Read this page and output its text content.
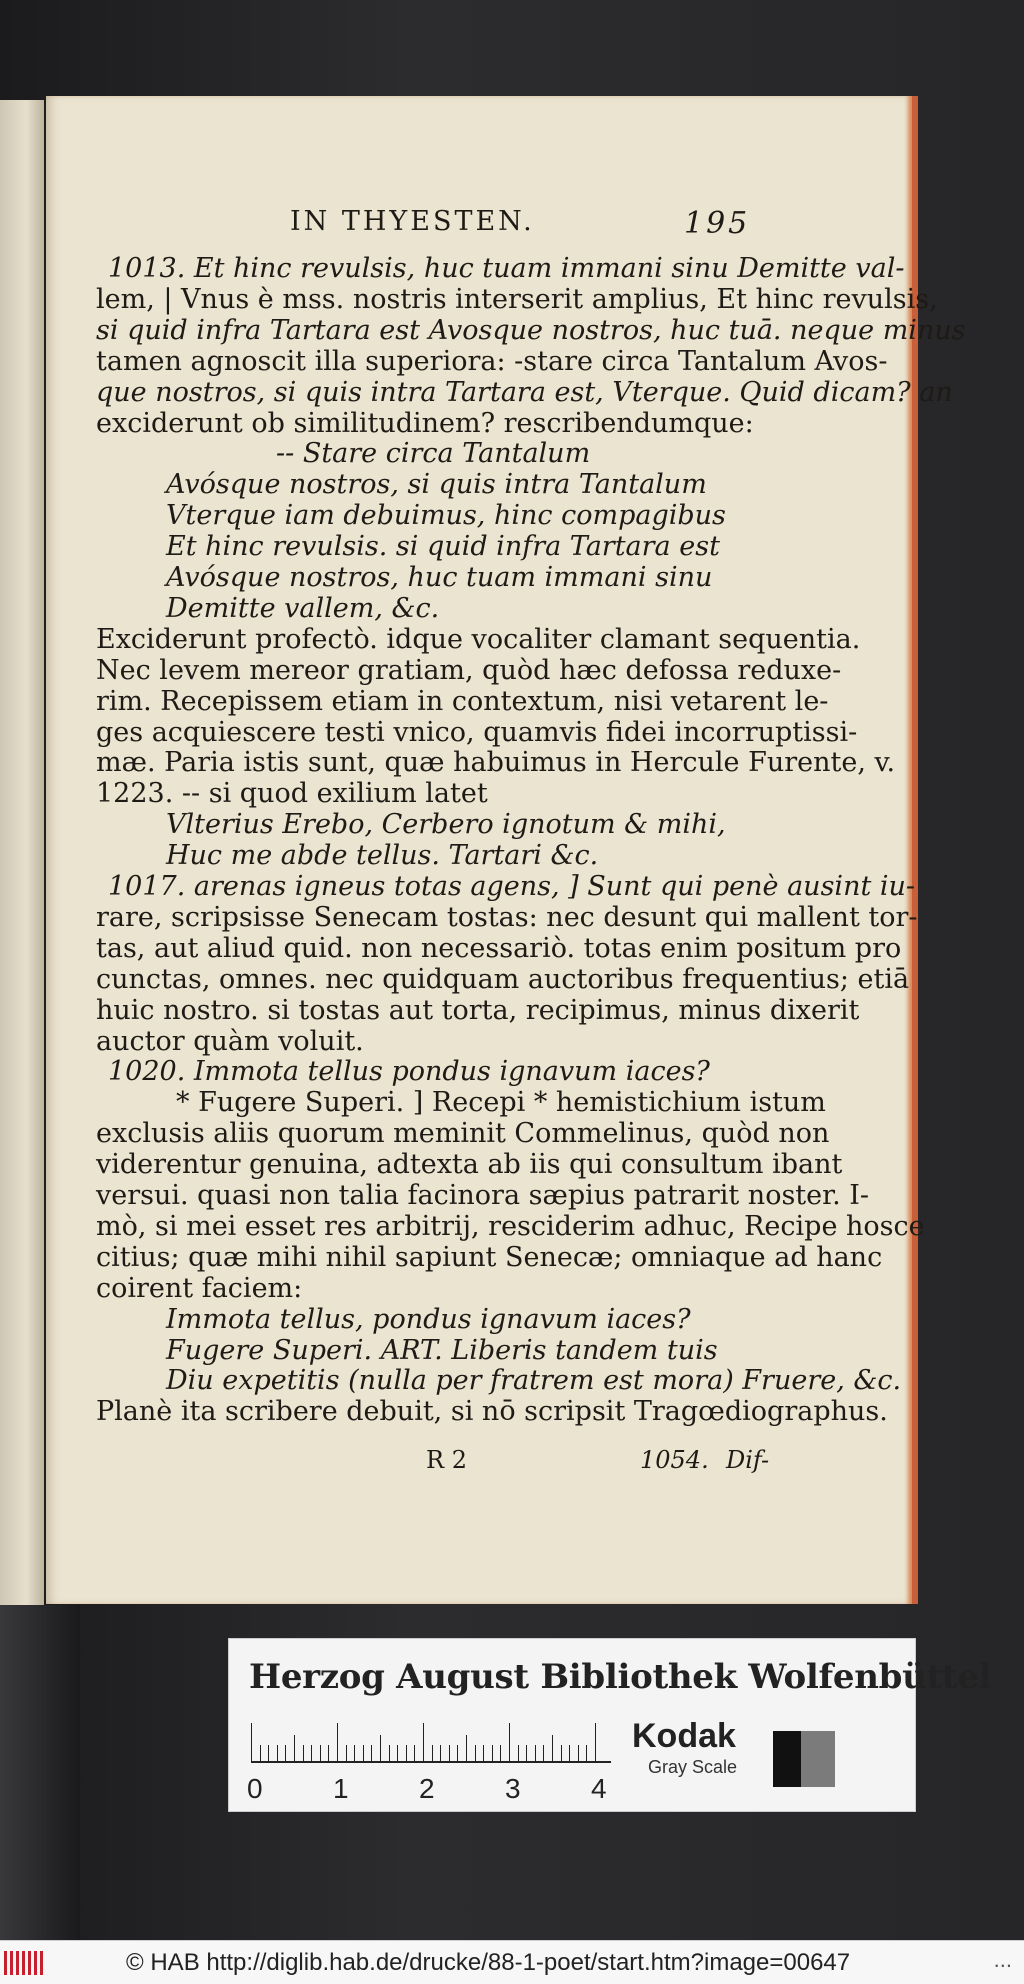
IN THYESTEN.	195
1013. Et hinc revulsis, huc tuam immani sinu Demitte val-
lem, | Vnus è mss. nostris interserit amplius, Et hinc revulsis,
si quid infra Tartara est Avosque nostros, huc tuā. neque minus
tamen agnoscit illa superiora: -stare circa Tantalum Avos-
que nostros, si quis intra Tartara est, Vterque. Quid dicam? an
exciderunt ob similitudinem? rescribendumque:
-- Stare circa Tantalum
Avósque nostros, si quis intra Tantalum
Vterque iam debuimus, hinc compagibus
Et hinc revulsis. si quid infra Tartara est
Avósque nostros, huc tuam immani sinu
Demitte vallem, &c.
Exciderunt profectò. idque vocaliter clamant sequentia.
Nec levem mereor gratiam, quòd hæc defossa reduxe-
rim. Recepissem etiam in contextum, nisi vetarent le-
ges acquiescere testi vnico, quamvis fidei incorruptissi-
mæ. Paria istis sunt, quæ habuimus in Hercule Furente, v.
1223. -- si quod exilium latet
Vlterius Erebo, Cerbero ignotum & mihi,
Huc me abde tellus. Tartari &c.
1017. arenas igneus totas agens, ] Sunt qui penè ausint iu-
rare, scripsisse Senecam tostas: nec desunt qui mallent tor-
tas, aut aliud quid. non necessariò. totas enim positum pro
cunctas, omnes. nec quidquam auctoribus frequentius; etiā
huic nostro. si tostas aut torta, recipimus, minus dixerit
auctor quàm voluit.
1020. Immota tellus pondus ignavum iaces?
* Fugere Superi. ] Recepi * hemistichium istum
exclusis aliis quorum meminit Commelinus, quòd non
viderentur genuina, adtexta ab iis qui consultum ibant
versui. quasi non talia facinora sæpius patrarit noster. I-
mò, si mei esset res arbitrij, resciderim adhuc, Recipe hosce
citius; quæ mihi nihil sapiunt Senecæ; omniaque ad hanc
coirent faciem:
Immota tellus, pondus ignavum iaces?
Fugere Superi. ART. Liberis tandem tuis
Diu expetitis (nulla per fratrem est mora) Fruere, &c.
Planè ita scribere debuit, si nō scripsit Tragœdiographus.
R 2	1054. Dif-
Herzog August Bibliothek Wolfenbüttel
0	1	2	3	4
Kodak
Gray Scale
© HAB http://diglib.hab.de/drucke/88-1-poet/start.htm?image=00647	...
